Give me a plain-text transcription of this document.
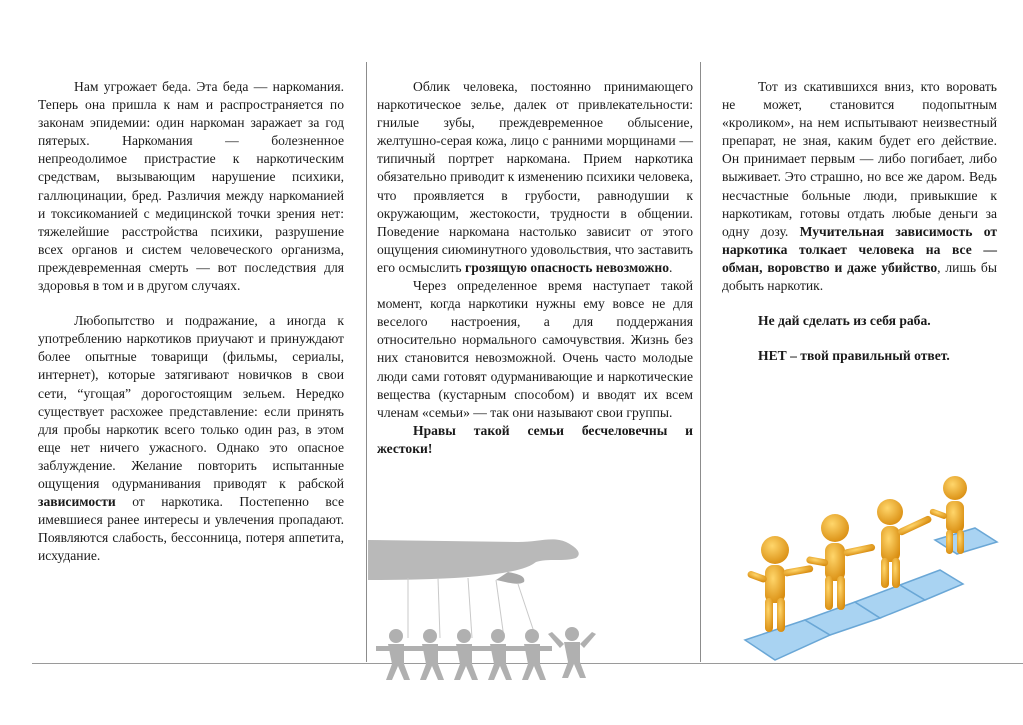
Нам угрожает беда. Эта беда — наркомания. Теперь она пришла к нам и распространяется по законам эпидемии: один наркоман заражает за год пятерых. Наркомания — болезненное непреодолимое пристрастие к наркотическим средствам, вызывающим нарушение психики, галлюцинации, бред. Различия между наркоманией и токсикоманией с медицинской точки зрения нет: тяжелейшие расстройства психики, разрушение всех органов и систем человеческого организма, преждевременная смерть — вот последствия для здоровья в том и в другом случаях.

Любопытство и подражание, а иногда к употреблению наркотиков приучают и принуждают более опытные товарищи (фильмы, сериалы, интернет), которые затягивают новичков в свои сети, “угощая” дорогостоящим зельем. Нередко существует расхожее представление: если принять для пробы наркотик всего только один раз, в этом еще нет ничего ужасного. Однако это опасное заблуждение. Желание повторить испытанные ощущения одурманивания приводят к рабской зависимости от наркотика. Постепенно все имевшиеся ранее интересы и увлечения пропадают. Появляются слабость, бессонница, потеря аппетита, исхудание.

Облик человека, постоянно принимающего наркотическое зелье, далек от привлекательности: гнилые зубы, преждевременное облысение, желтушно-серая кожа, лицо с ранними морщинами — типичный портрет наркомана. Прием наркотика обязательно приводит к изменению психики человека, что проявляется в грубости, равнодушии к окружающим, жестокости, трудности в общении. Поведение наркомана настолько зависит от этого ощущения сиюминутного удовольствия, что заставить его осмыслить грозящую опасность невозможно.

Через определенное время наступает такой момент, когда наркотики нужны ему вовсе не для веселого настроения, а для поддержания относительно нормального самочувствия. Жизнь без них становится невозможной. Очень часто молодые люди сами готовят одурманивающие и наркотические вещества (кустарным способом) и вводят их всем членам «семьи» — так они называют свои группы.

Нравы такой семьи бесчеловечны и жестоки!

Тот из скатившихся вниз, кто воровать не может, становится подопытным «кроликом», на нем испытывают неизвестный препарат, не зная, каким будет его действие. Он принимает первым — либо погибает, либо выживает. Это страшно, но все же даром. Ведь несчастные больные люди, привыкшие к наркотикам, готовы отдать любые деньги за одну дозу. Мучительная зависимость от наркотика толкает человека на все — обман, воровство и даже убийство, лишь бы добыть наркотик.

Не дай сделать из себя раба.

НЕТ – твой правильный ответ.
